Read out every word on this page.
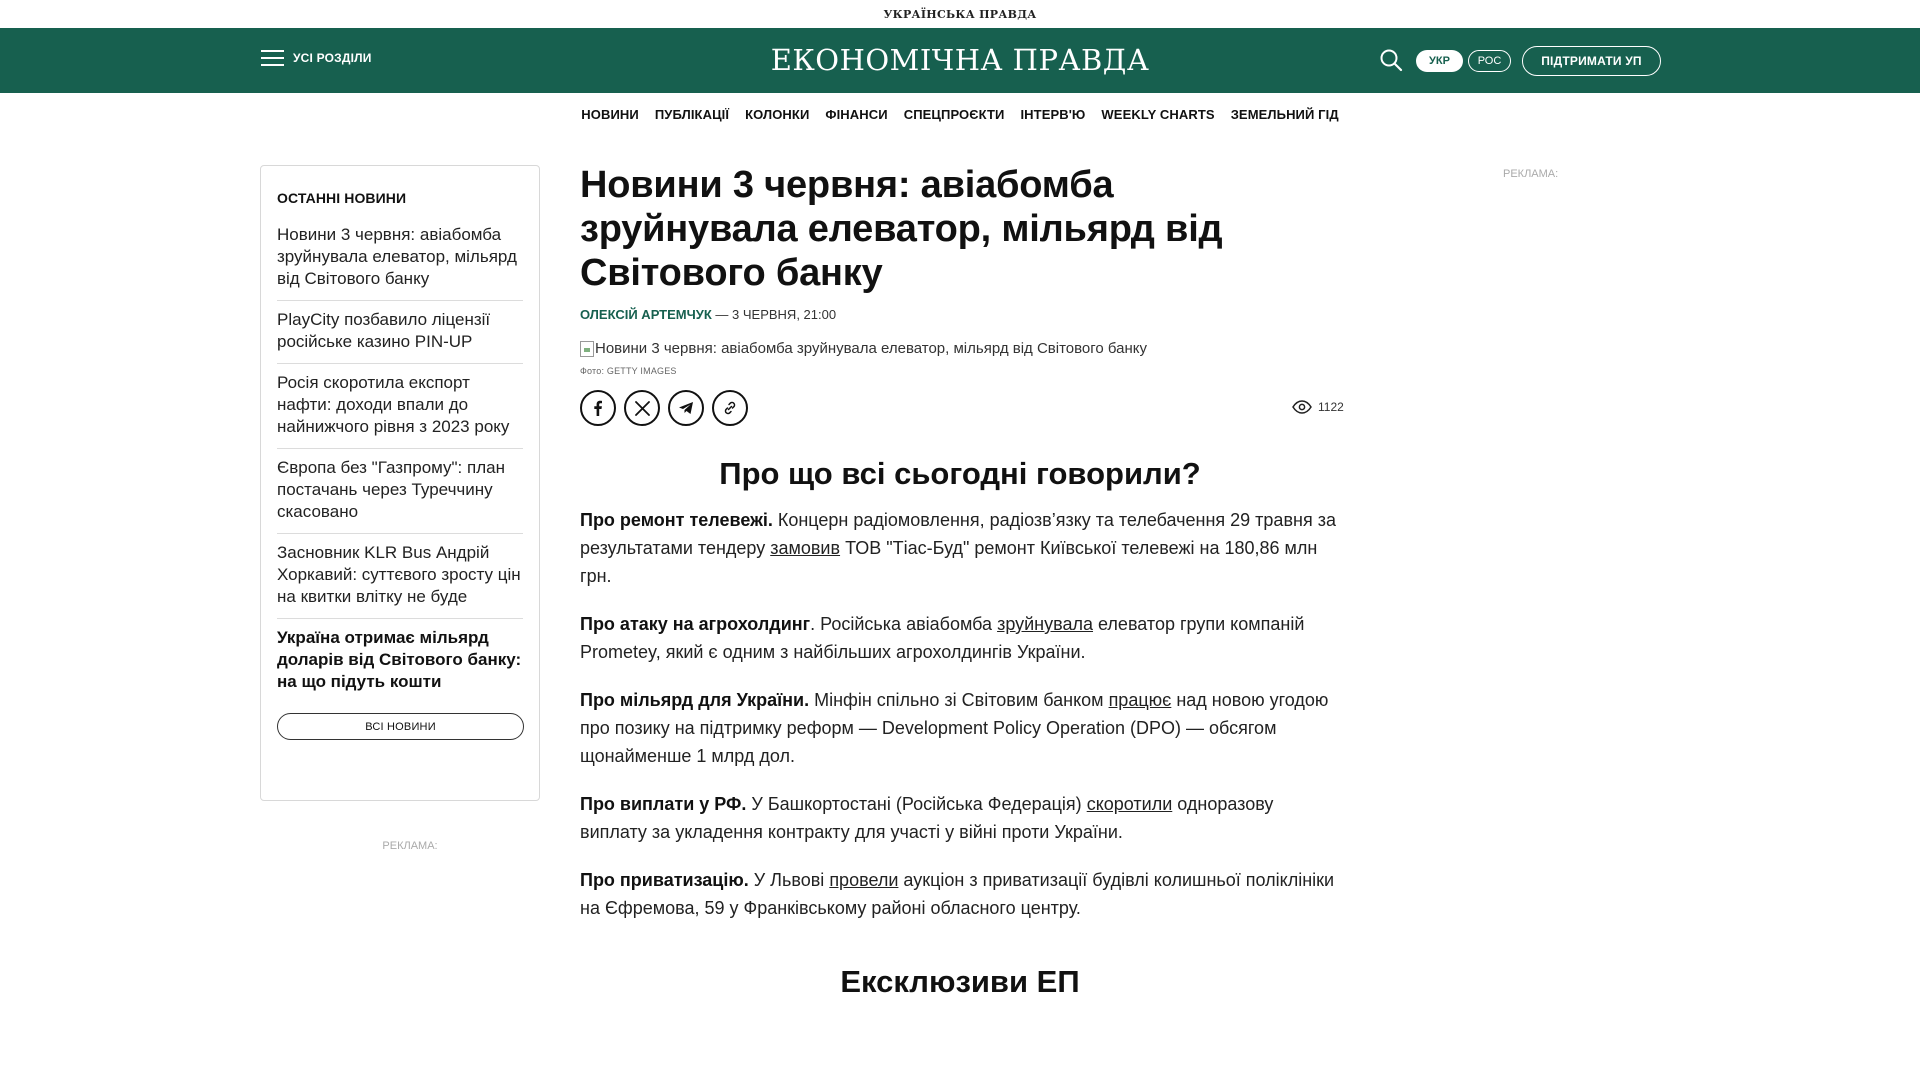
УКРАЇНСЬКА ПРАВДА
УСІ РОЗДІЛИ	ЕКОНОМІЧНА ПРАВДА	УКР	РОС	ПІДТРИМАТИ УП
НОВИНИ ПУБЛІКАЦІЇ КОЛОНКИ ФІНАНСИ СПЕЦПРОЄКТИ ІНТЕРВ'Ю WEEKLY CHARTS ЗЕМЕЛЬНИЙ ГІД
ОСТАННІ НОВИНИ
Новини 3 червня: авіабомба зруйнувала елеватор, мільярд від Світового банку
PlayCity позбавило ліцензії російське казино PIN-UP
Росія скоротила експорт нафти: доходи впали до найнижчого рівня з 2023 року
Європа без "Газпрому": план постачань через Туреччину скасовано
Засновник KLR Bus Андрій Хоркавий: суттєвого зросту цін на квитки влітку не буде
Україна отримає мільярд доларів від Світового банку: на що підуть кошти
ВСІ НОВИНИ
РЕКЛАМА:
РЕКЛАМА:
Новини 3 червня: авіабомба зруйнувала елеватор, мільярд від Світового банку
ОЛЕКСІЙ АРТЕМЧУК — 3 ЧЕРВНЯ, 21:00
Новини 3 червня: авіабомба зруйнувала елеватор, мільярд від Світового банку
Фото: GETTY IMAGES
1122
Про що всі сьогодні говорили?

Про ремонт телевежі. Концерн радіомовлення, радіозв’язку та телебачення 29 травня за результатами тендеру замовив ТОВ "Тіас-Буд" ремонт Київської телевежі на 180,86 млн грн.

Про атаку на агрохолдинг. Російська авіабомба зруйнувала елеватор групи компаній Prometey, який є одним з найбільших агрохолдингів України.

Про мільярд для України. Мінфін спільно зі Світовим банком працює над новою угодою про позику на підтримку реформ — Development Policy Operation (DPO) — обсягом щонайменше 1 млрд дол.

Про виплати у РФ. У Башкортостані (Російська Федерація) скоротили одноразову виплату за укладення контракту для участі у війні проти України.

Про приватизацію. У Львові провели аукціон з приватизації будівлі колишньої поліклініки на Єфремова, 59 у Франківському районі обласного центру.

Ексклюзиви ЕП
